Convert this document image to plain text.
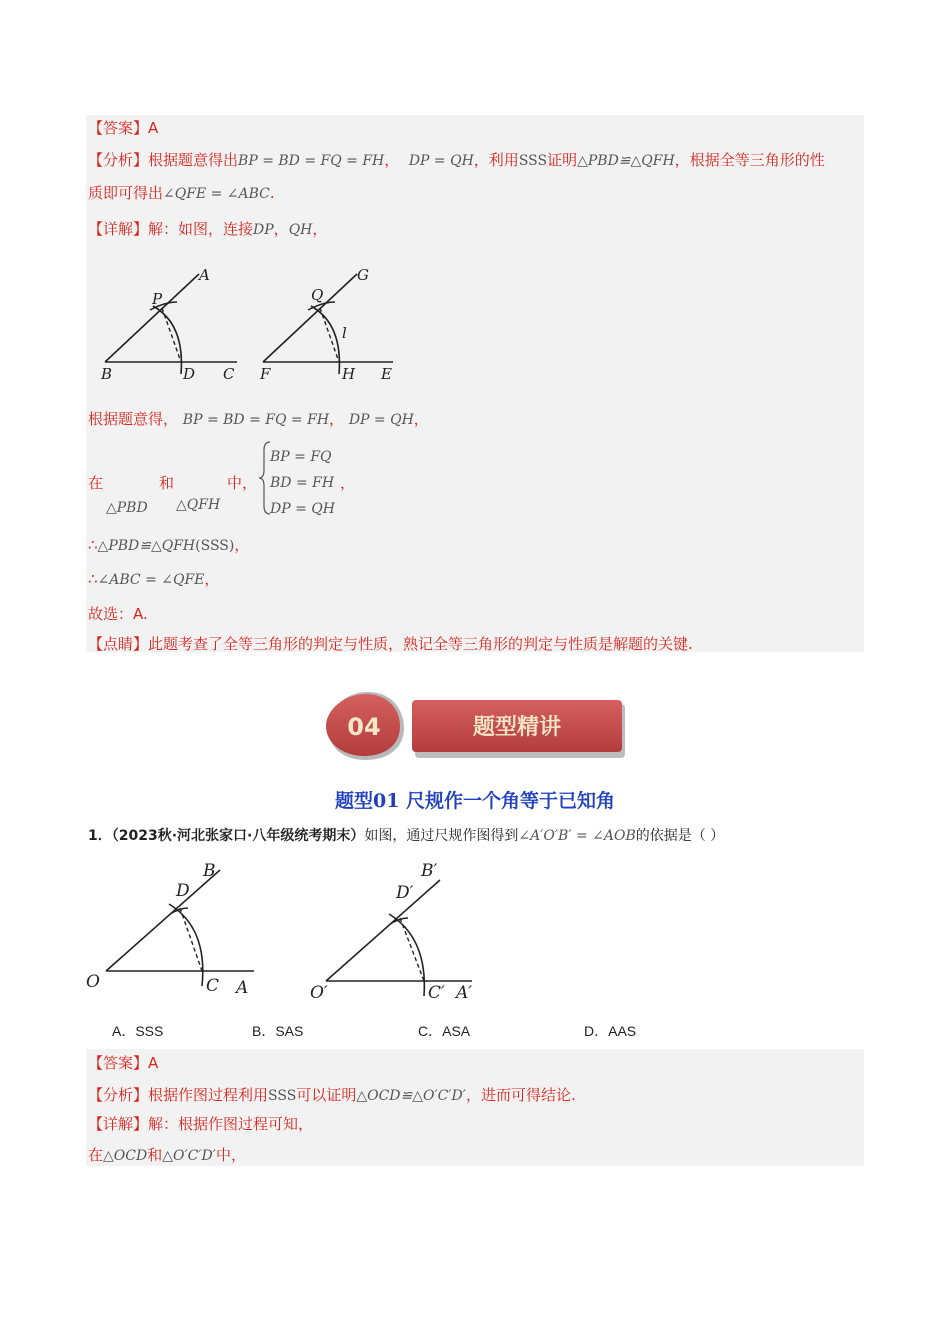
【答案】A
【分析】根据题意得出BP = BD = FQ = FH， DP = QH，利用SSS证明△PBD≌△QFH，根据全等三角形的性
质即可得出∠QFE = ∠ABC.
【详解】解：如图，连接DP，QH，
A
P
B	D C
G
Q
l
F	H E
根据题意得， BP = BD = FQ = FH， DP = QH，
在	和	中，
△PBD △QFH
BP = FQ
BD = FH
DP = QH
，
∴△PBD≌△QFH(SSS)，
∴∠ABC = ∠QFE，
故选：A.
【点睛】此题考查了全等三角形的判定与性质，熟记全等三角形的判定与性质是解题的关键.
04	题型精讲
题型01 尺规作一个角等于已知角
1．（2023秋·河北张家口·八年级统考期末）如图，通过尺规作图得到∠A′O′B′ = ∠AOB的依据是（ ）
B
D
O	C A
B′
D′
O′	C′ A′
A．SSS	B．SAS	C．ASA	D．AAS
【答案】A
【分析】根据作图过程利用SSS可以证明△OCD≌△O′C′D′，进而可得结论.
【详解】解：根据作图过程可知，
在△OCD和△O′C′D′中，
